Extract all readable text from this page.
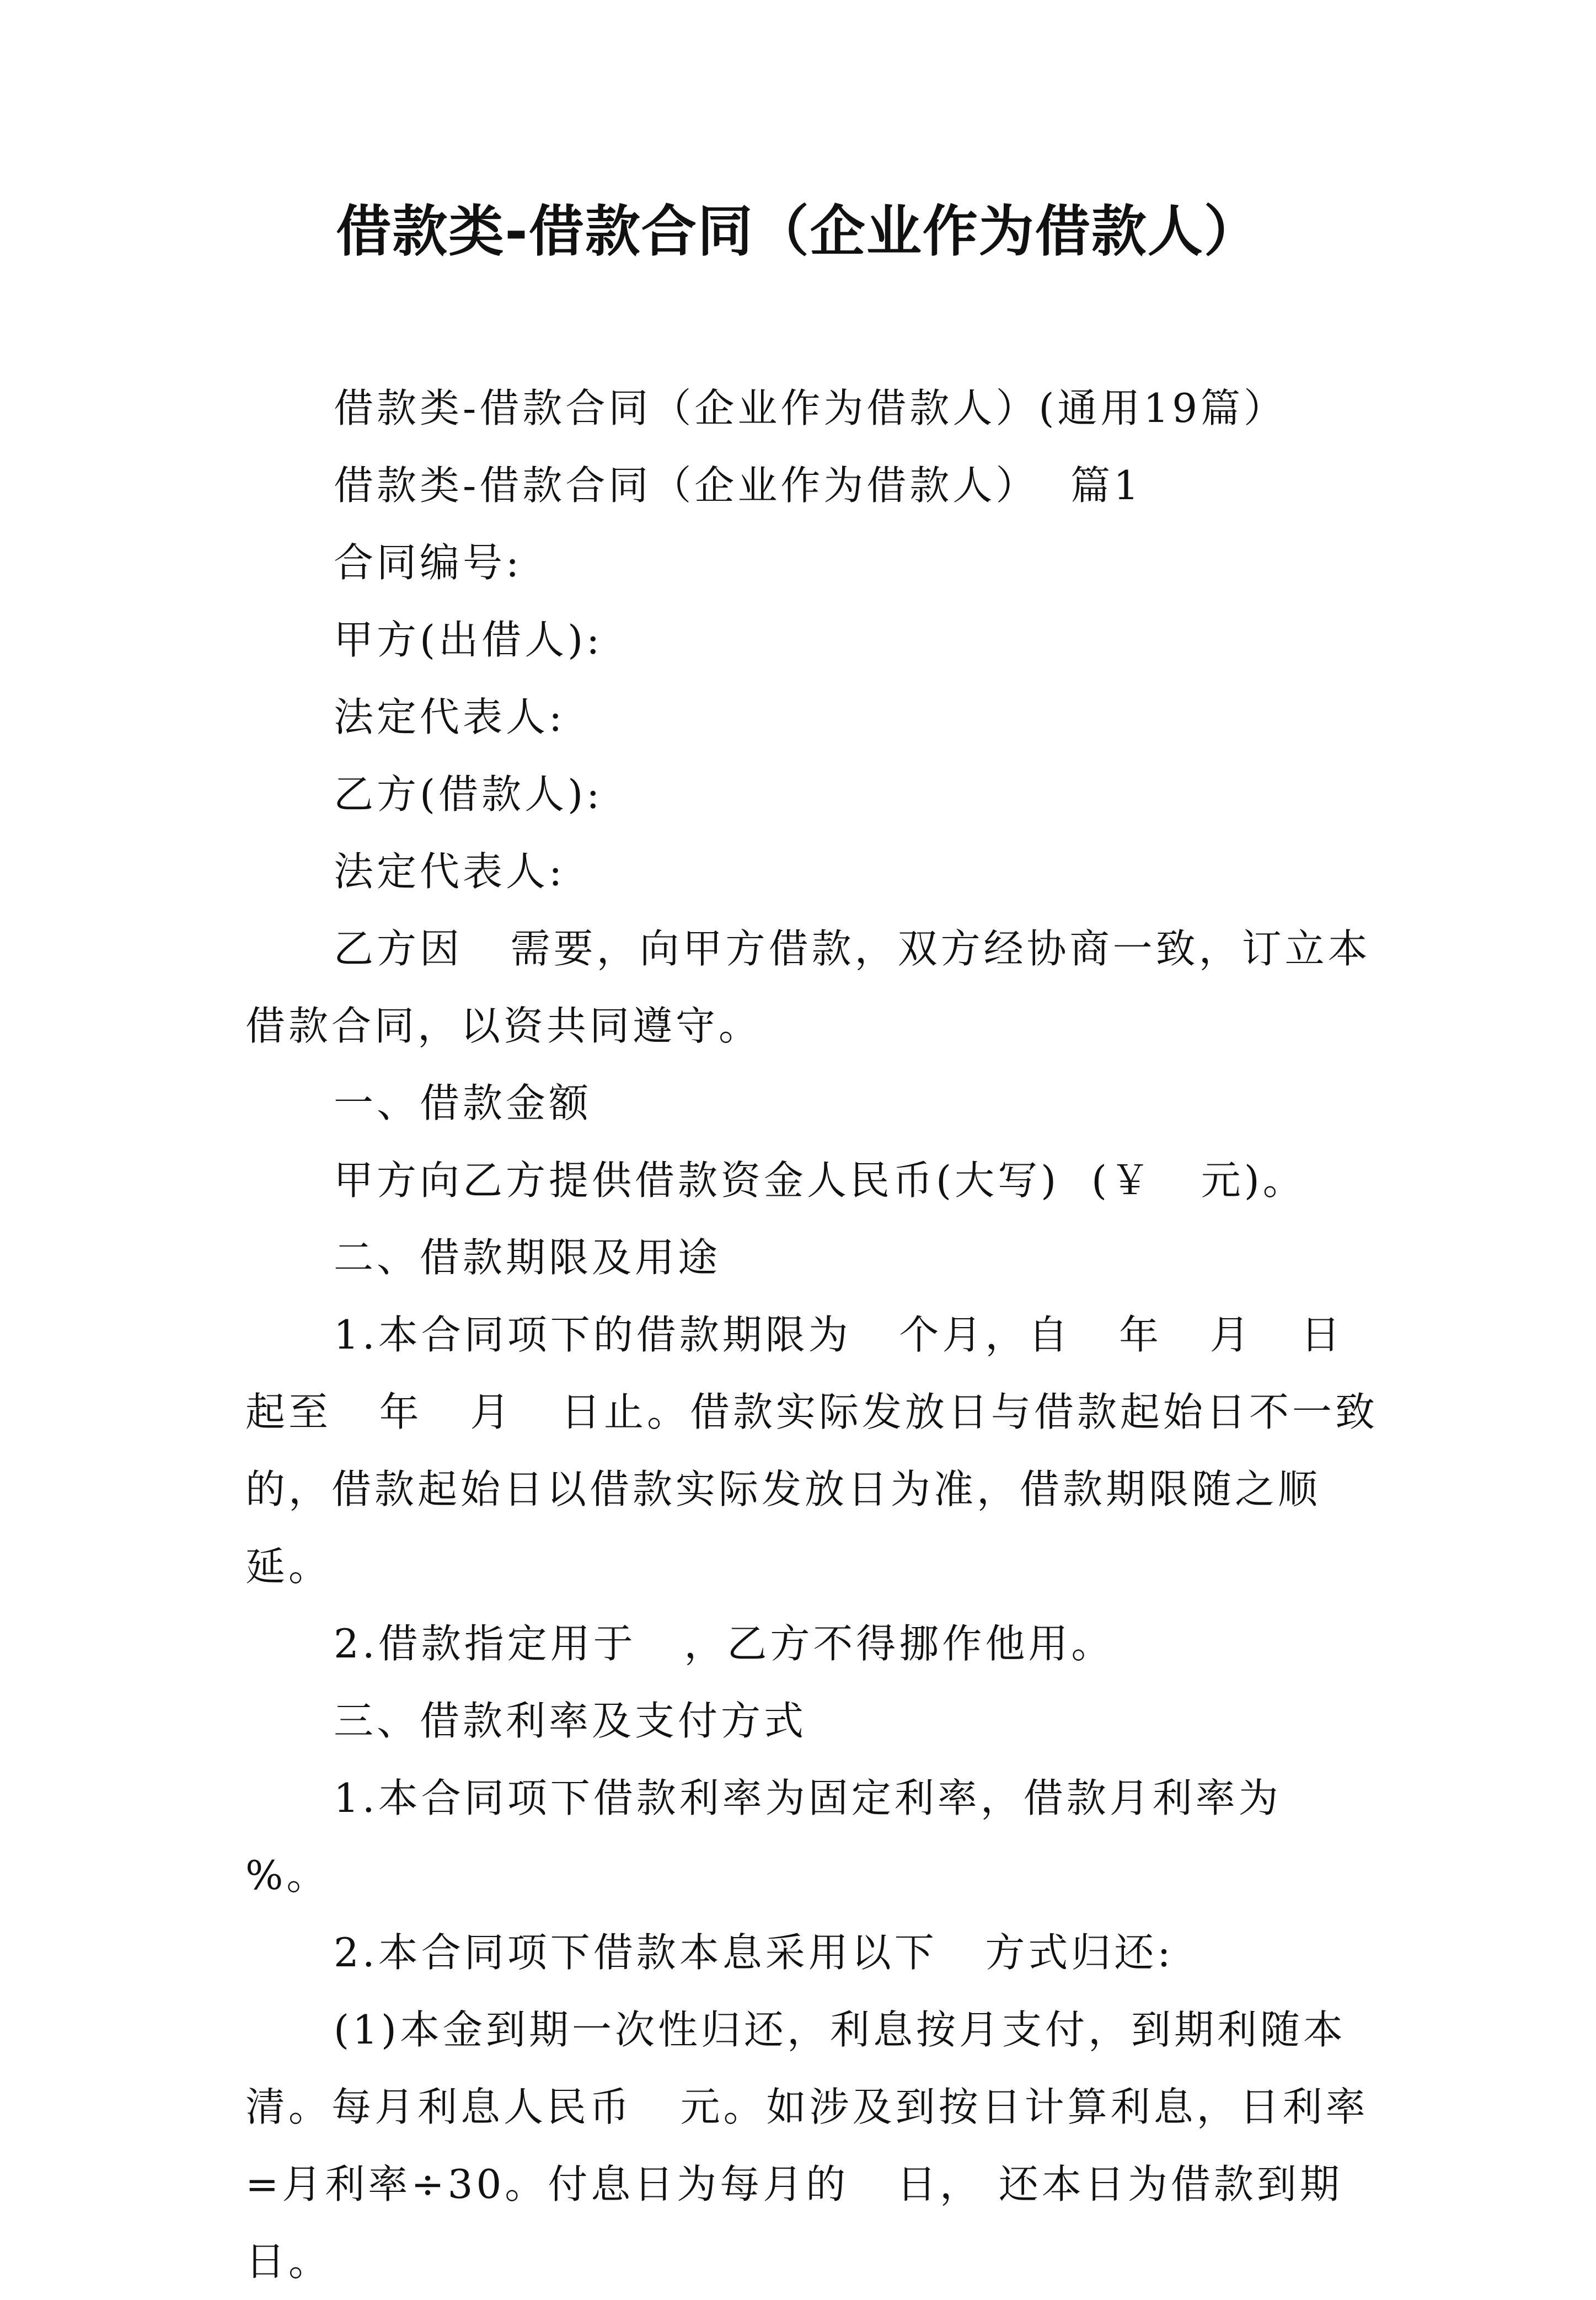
借款类-借款合同（企业作为借款人）

借款类-借款合同（企业作为借款人）(通用19篇）

借款类-借款合同（企业作为借款人）  篇1

合同编号:

甲方(出借人):

法定代表人:

乙方(借款人):

法定代表人:

乙方因   需要，向甲方借款，双方经协商一致，订立本借款合同，以资共同遵守。

一、借款金额

甲方向乙方提供借款资金人民币(大写)  (￥   元)。

二、借款期限及用途

1.本合同项下的借款期限为   个月，自   年   月   日起至   年   月   日止。借款实际发放日与借款起始日不一致的，借款起始日以借款实际发放日为准，借款期限随之顺延。

2.借款指定用于   ，乙方不得挪作他用。

三、借款利率及支付方式

1.本合同项下借款利率为固定利率，借款月利率为   %。

2.本合同项下借款本息采用以下   方式归还:

(1)本金到期一次性归还，利息按月支付，到期利随本清。每月利息人民币   元。如涉及到按日计算利息，日利率=月利率÷30。付息日为每月的   日， 还本日为借款到期日。
